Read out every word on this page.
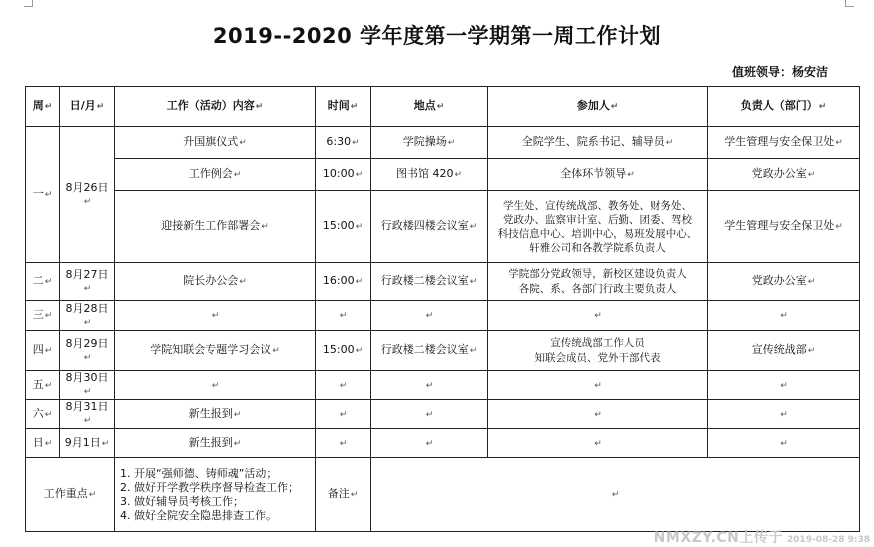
2019--2020 学年度第一学期第一周工作计划
值班领导：杨安洁
周↵	日/月↵	工作（活动）内容↵	时间↵	地点↵	参加人↵	负责人（部门）↵
一↵	8月26日↵	升国旗仪式↵	6:30↵	学院操场↵	全院学生、院系书记、辅导员↵	学生管理与安全保卫处↵
		工作例会↵	10:00↵	图书馆 420↵	全体环节领导↵	党政办公室↵
		迎接新生工作部署会↵	15:00↵	行政楼四楼会议室↵	学生处、宣传统战部、教务处、财务处、
党政办、监察审计室、后勤、团委、驾校
科技信息中心、培训中心，易班发展中心、
轩雅公司和各教学院系负责人	学生管理与安全保卫处↵
二↵	8月27日↵	院长办公会↵	16:00↵	行政楼二楼会议室↵	学院部分党政领导，新校区建设负责人
各院、系、各部门行政主要负责人	党政办公室↵
三↵	8月28日↵	↵	↵	↵	↵	↵
四↵	8月29日↵	学院知联会专题学习会议↵	15:00↵	行政楼二楼会议室↵	宣传统战部工作人员
知联会成员、党外干部代表	宣传统战部↵
五↵	8月30日↵	↵	↵	↵	↵	↵
六↵	8月31日↵	新生报到↵	↵	↵	↵	↵
日↵	9月1日↵	新生报到↵	↵	↵	↵	↵
工作重点↵		1. 开展“强师德、铸师魂”活动；
2. 做好开学教学秩序督导检查工作；
3. 做好辅导员考核工作；
4. 做好全院安全隐患排查工作。	备注↵	↵		
NMXZY.CN上传于 2019-08-28 9:38
